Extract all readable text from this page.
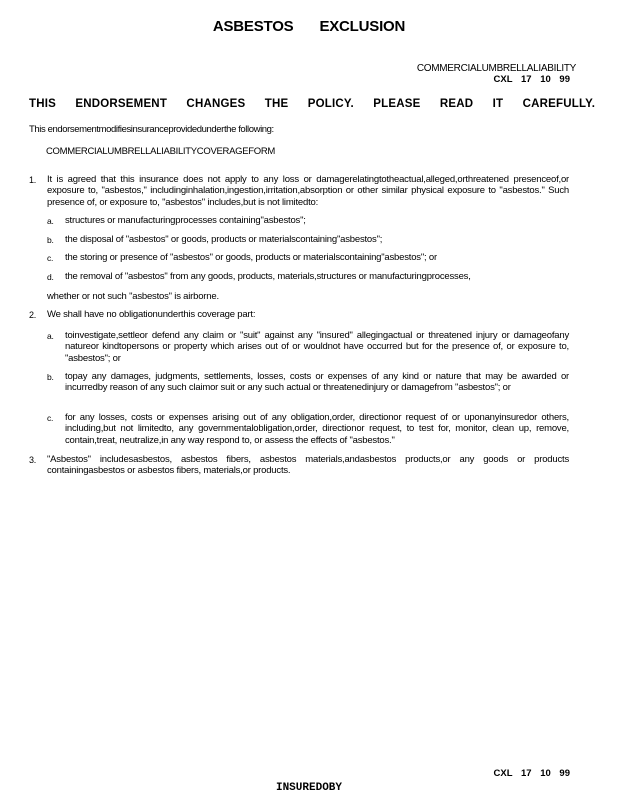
ASBESTOS EXCLUSION
COMMERCIALUMBRELLALIABILITY
CXL 17 10 99
THIS ENDORSEMENT CHANGES THE POLICY. PLEASE READ IT CAREFULLY.
This endorsementmodifiesinsuranceprovidedunderthe following:
COMMERCIALUMBRELLALIABILITYCOVERAGEFORM
1.	It is agreed that this insurance does not apply to any loss or damagerelatingtotheactual,alleged,orthreatened presenceof,or exposure to, "asbestos," includinginhalation,ingestion,irritation,absorption or other similar physical exposure to "asbestos." Such presence of, or exposure to, "asbestos" includes,but is not limitedto:
a.	structures or manufacturingprocesses containing"asbestos";
b.	the disposal of "asbestos" or goods, products or materialscontaining"asbestos";
c.	the storing or presence of "asbestos" or goods, products or materialscontaining"asbestos"; or
d.	the removal of "asbestos" from any goods, products, materials,structures or manufacturingprocesses,
whether or not such "asbestos" is airborne.
2.	We shall have no obligationunderthis coverage part:
a.	toinvestigate,settleor defend any claim or "suit" against any "insured" allegingactual or threatened injury or damageofany natureor kindtopersons or property which arises out of or wouldnot have occurred but for the presence of, or exposure to, "asbestos"; or
b.	topay any damages, judgments, settlements, losses, costs or expenses of any kind or nature that may be awarded or incurredby reason of any such claimor suit or any such actual or threatenedinjury or damagefrom "asbestos"; or
c.	for any losses, costs or expenses arising out of any obligation,order, directionor request of or uponanyinsuredor others, including,but not limitedto, any governmentalobligation,order, directionor request, to test for, monitor, clean up, remove, contain,treat, neutralize,in any way respond to, or assess the effects of "asbestos."
3.	"Asbestos" includesasbestos, asbestos fibers, asbestos materials,andasbestos products,or any goods or products containingasbestos or asbestos fibers, materials,or products.
CXL 17 10 99
INSUREDOBY
